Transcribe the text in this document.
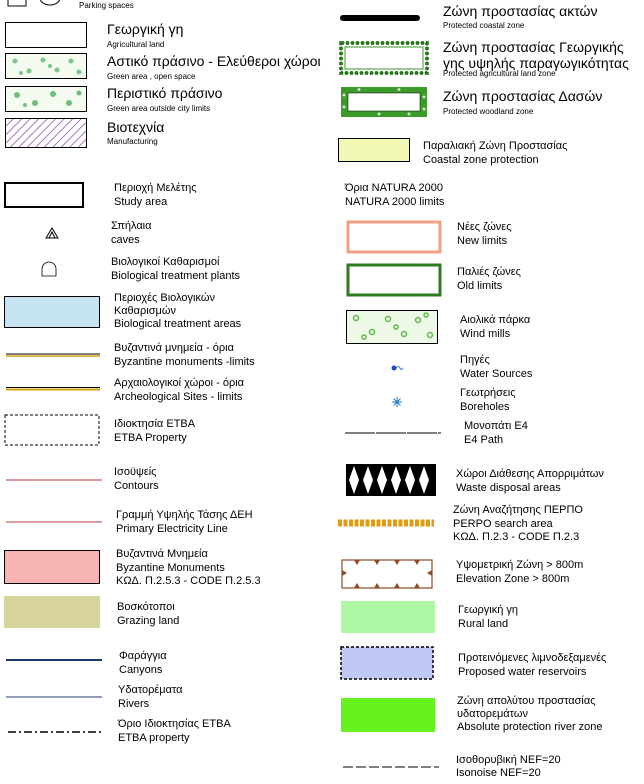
Parking spaces
Γεωργική γη
Agricultural land
Αστικό πράσινο - Ελεύθεροι χώροι
Green area , open space
Περιστικό πράσινο
Green area outside city limits
Βιοτεχνία
Manufacturing
Ζώνη προστασίας ακτών
Protected coastal zone
Ζώνη προστασίας Γεωργικής
γης υψηλής παραγωγικότητας
Protected agricultural land zone
Ζώνη προστασίας Δασών
Protected woodland zone
Παραλιακή Ζώνη Προστασίας
Coastal zone protection
Όρια NATURA 2000
NATURA 2000 limits
Περιοχή Μελέτης
Study area
Σπήλαια
caves
Βιολογικοί Καθαρισμοί
Biological treatment plants
Περιοχές Βιολογικών
Καθαρισμών
Biological treatment areas
Βυζαντινά μνημεία - όρια
Byzantine monuments -limits
Αρχαιολογικοί χώροι - όρια
Archeological Sites - limits
Ιδιοκτησία ΕΤΒΑ
ΕΤΒΑ Property
Ισοϋψείς
Contours
Γραμμή Υψηλής Τάσης ΔΕΗ
Primary Electricity Line
Βυζαντινά Μνημεία
Byzantine Monuments
ΚΩΔ. Π.2.5.3 - CODE Π.2.5.3
Βοσκότοποι
Grazing land
Φαράγγια
Canyons
Υδατορέματα
Rivers
Όριο Ιδιοκτησίας ΕΤΒΑ
ΕΤΒΑ property
Νέες ζώνες
New limits
Παλιές ζώνες
Old limits
Αιολικά πάρκα
Wind mills
Πηγές
Water Sources
Γεωτρήσεις
Boreholes
Μονοπάτι Ε4
E4 Path
Χώροι Διάθεσης Απορριμάτων
Waste disposal areas
Ζώνη Αναζήτησης ΠΕΡΠΟ
PERPO search area
ΚΩΔ. Π.2.3 - CODE Π.2.3
Υψομετρική Ζώνη > 800m
Elevation Zone > 800m
Γεωργική γη
Rural land
Προτεινόμενες λιμνοδεξαμενές
Proposed water reservoirs
Ζώνη απολύτου προστασίας
υδατορεμάτων
Absolute protection river zone
Ισοθορυβική NEF=20
Isonoise NEF=20
